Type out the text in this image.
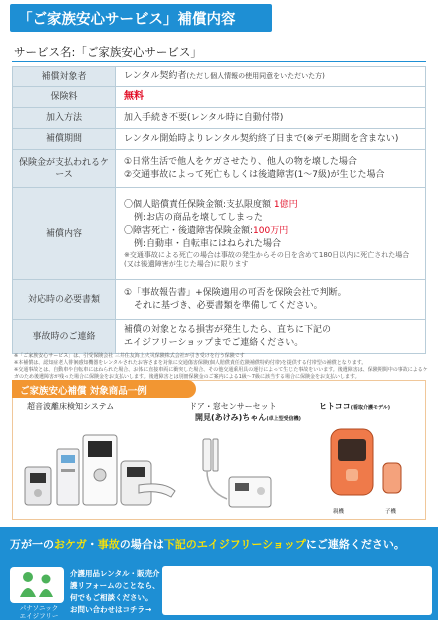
「ご家族安心サービス」補償内容
サービス名:「ご家族安心サービス」
補償対象者	レンタル契約者(ただし個人情報の使用同意をいただいた方)
保険料	無料
加入方法	加入手続き不要(レンタル時に自動付帯)
補償期間	レンタル開始時よりレンタル契約終了日まで(※デモ期間を含まない)
保険金が支払われるケース	①日常生活で他人をケガさせたり、他人の物を壊した場合
②交通事故によって死亡もしくは後遺障害(1〜7級)が生じた場合

補償内容	〇個人賠償責任保険金額:支払限度額 1億円
例:お店の商品を壊してしまった
〇障害死亡・後遺障害保険金額:100万円
例:自動車・自転車にはねられた場合
※交通事故による死亡の場合は事故の発生からその日を含めて180日以内に死亡された場合(又は後遺障害が生じた場合)に限ります

対応時の必要書類	①「事故報告書」+保険適用の可否を保険会社で判断。
それに基づき、必要書類を準備してください。

事故時のご連絡	補償の対象となる損害が発生したら、直ちに下記の
エイジフリーショップまでご連絡ください。
※「ご家族安心サービス」は、引受保険会社 三井住友海上火災保険株式会社が引き受けを行う保険です
※本補償は、認知症老人徘徊感知機器をレンタルされたお客さまを対象に交通傷害保険(個人賠償責任危険補償特約付帯)を提供する付帯型の補償となります。
※交通事故とは、自動車や自転車にはねられた場合、お体に直接車両に衝突した場合、その他交通乗用具の運行によって生じた事故をいいます。後遺障害は、保険期間中の事故によるケガのため後遺障害が残った場合に保険金をお支払いします。後遺障害とは別冊保険金のご案内による1級〜7級に該当する場合に保険金をお支払いします。
ご家族安心補償 対象商品一例
超音波離床検知システム	ドア・窓センサーセット
開見(あけみ)ちゃん(卓上型受信機)
ヒトココ(看取介護モデル)
親機	子機
万が一のおケガ・事故の場合は下記のエイジフリーショップにご連絡ください。
パナソニック
エイジフリー
介護用品レンタル・販売介
護リフォームのことなら、
何でもご相談ください。
お問い合わせはコチラ→
